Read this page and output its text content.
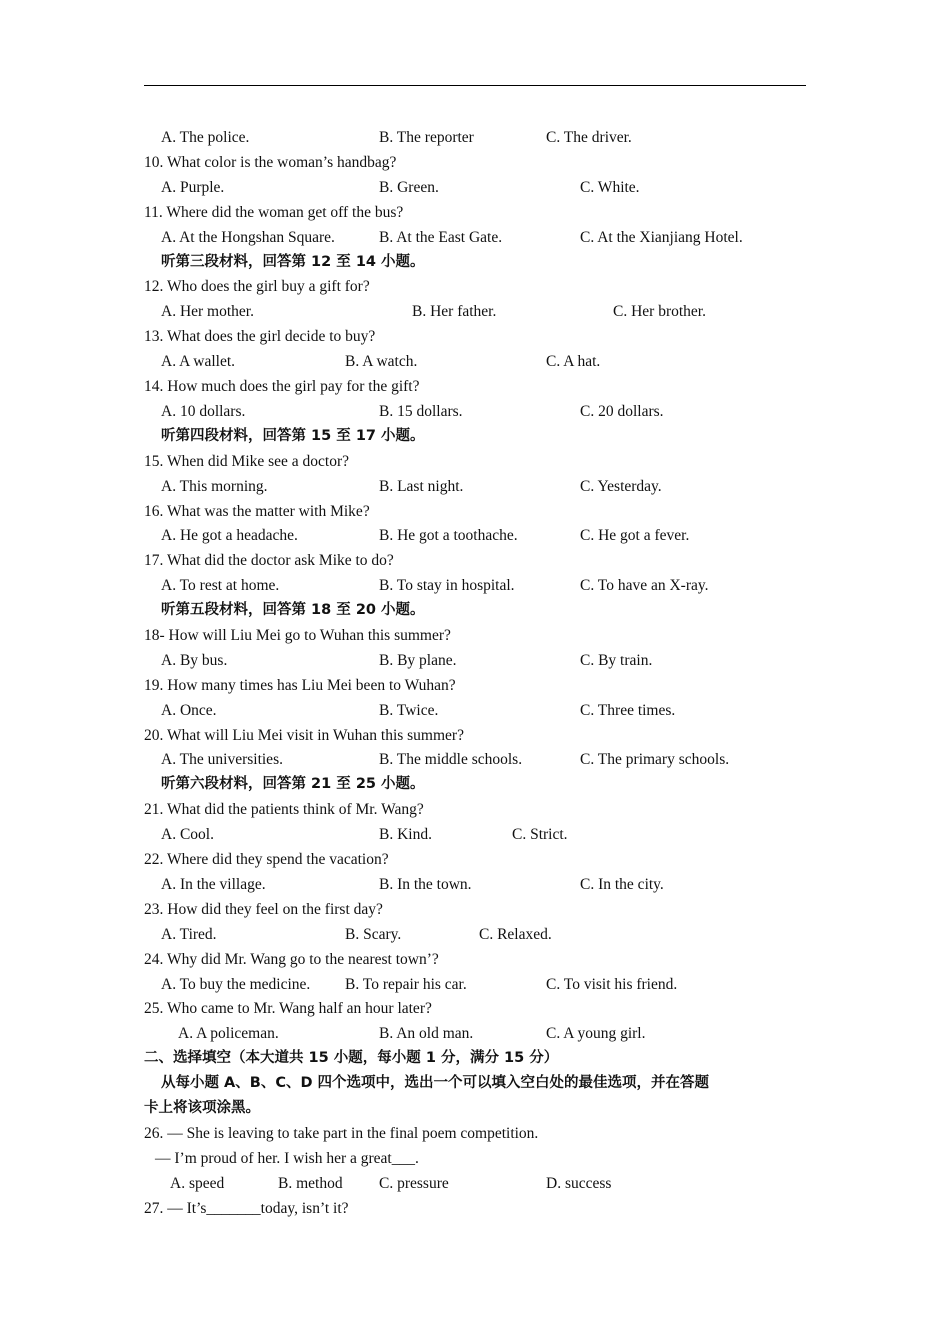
A. The police.	B. The reporter	C. The driver.
10. What color is the woman’s handbag?
A. Purple.	B. Green.	C. White.
11. Where did the woman get off the bus?
A. At the Hongshan Square.	B. At the East Gate.	C. At the Xianjiang Hotel.
听第三段材料，回答第 12 至 14 小题。
12. Who does the girl buy a gift for?
A. Her mother.	B. Her father.	C. Her brother.
13. What does the girl decide to buy?
A. A wallet.	B. A watch.	C. A hat.
14. How much does the girl pay for the gift?
A. 10 dollars.	B. 15 dollars.	C. 20 dollars.
听第四段材料，回答第 15 至 17 小题。
15. When did Mike see a doctor?
A. This morning.	B. Last night.	C. Yesterday.
16. What was the matter with Mike?
A. He got a headache.	B. He got a toothache.	C. He got a fever.
17. What did the doctor ask Mike to do?
A. To rest at home.	B. To stay in hospital.	C. To have an X-ray.
听第五段材料，回答第 18 至 20 小题。
18- How will Liu Mei go to Wuhan this summer?
A. By bus.	B. By plane.	C. By train.
19. How many times has Liu Mei been to Wuhan?
A. Once.	B. Twice.	C. Three times.
20. What will Liu Mei visit in Wuhan this summer?
A. The universities.	B. The middle schools.	C. The primary schools.
听第六段材料，回答第 21 至 25 小题。
21. What did the patients think of Mr. Wang?
A. Cool.	B. Kind.	C. Strict.
22. Where did they spend the vacation?
A. In the village.	B. In the town.	C. In the city.
23. How did they feel on the first day?
A. Tired.	B. Scary.	C. Relaxed.
24. Why did Mr. Wang go to the nearest town’?
A. To buy the medicine. B. To repair his car.	C. To visit his friend.
25. Who came to Mr. Wang half an hour later?
A. A policeman.	B. An old man.	C. A young girl.
二、选择填空（本大道共 15 小题，每小题 1 分，满分 15 分）
从每小题 A、B、C、D 四个选项中，选出一个可以填入空白处的最佳选项，并在答题
卡上将该项涂黑。
26. — She is leaving to take part in the final poem competition.
— I’m proud of her. I wish her a great___.
A. speed	B. method C. pressure	D. success
27. — It’s_______today, isn’t it?
